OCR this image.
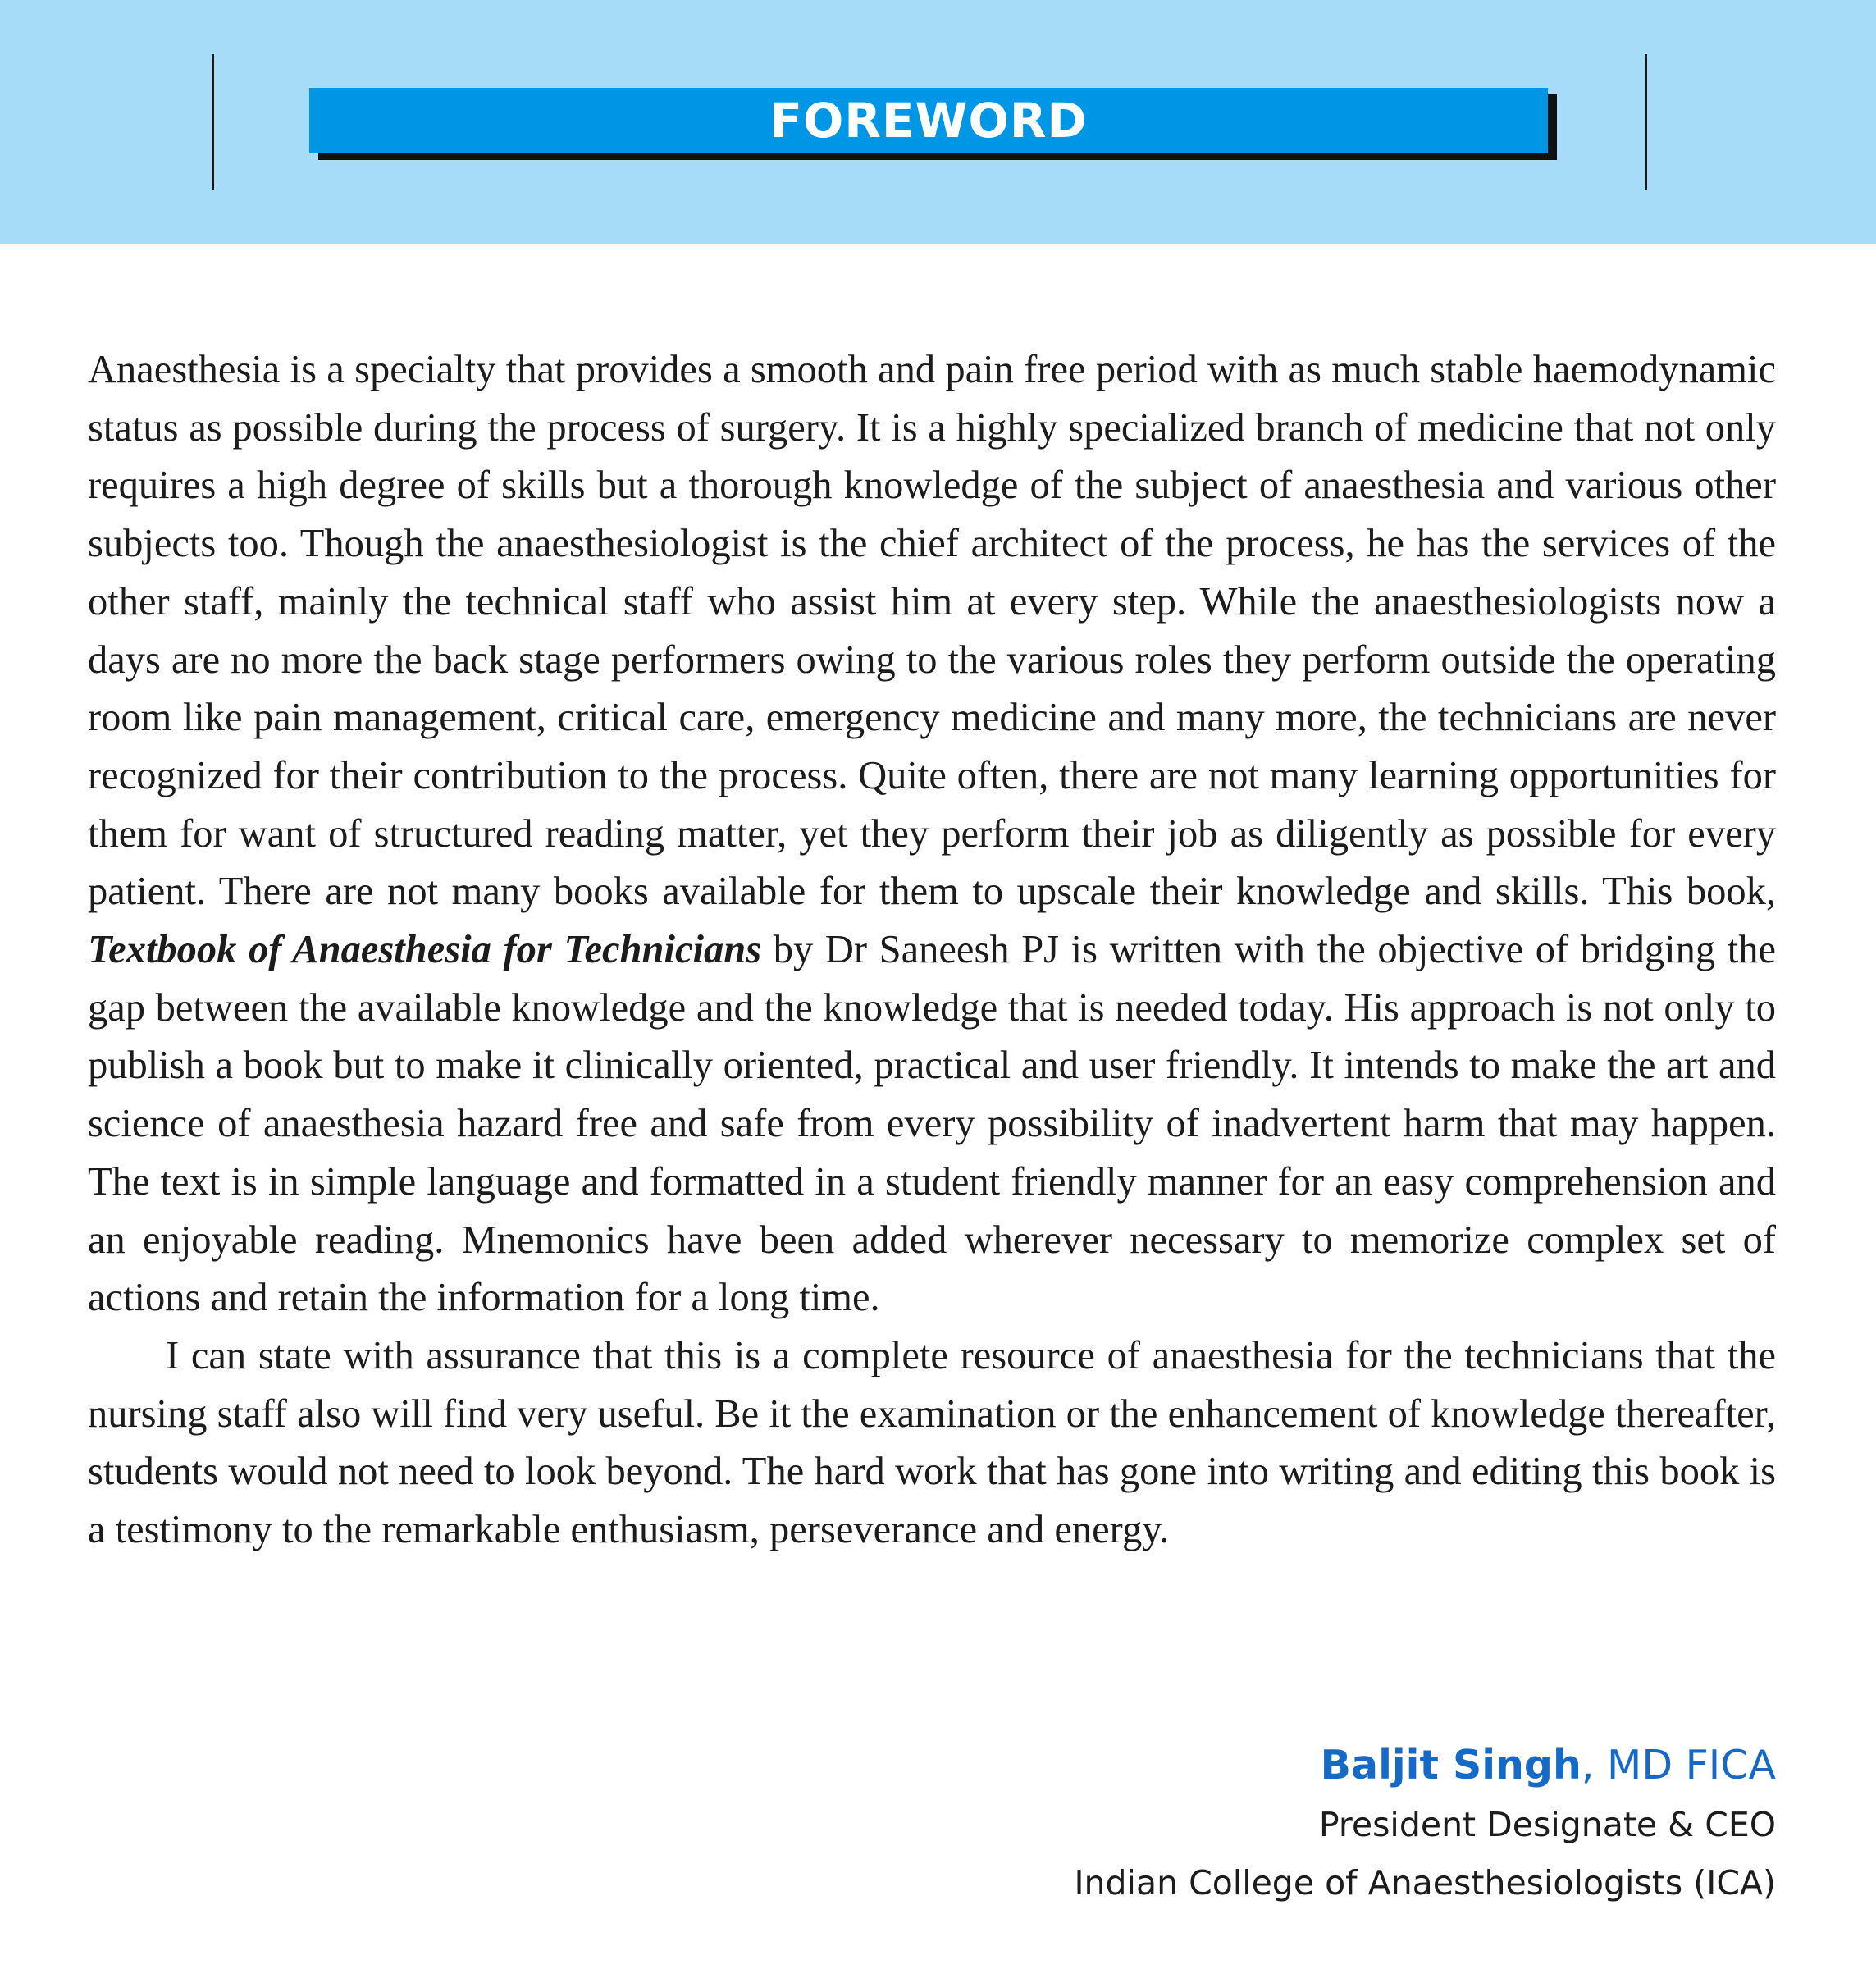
FOREWORD

Anaesthesia is a specialty that provides a smooth and pain free period with as much stable haemodynamic status as possible during the process of surgery. It is a highly specialized branch of medicine that not only requires a high degree of skills but a thorough knowledge of the subject of anaesthesia and various other subjects too. Though the anaesthesiologist is the chief architect of the process, he has the services of the other staff, mainly the technical staff who assist him at every step. While the anaesthesiologists now a days are no more the back stage performers owing to the various roles they perform outside the operating room like pain management, critical care, emergency medicine and many more, the technicians are never recognized for their contribution to the process. Quite often, there are not many learning opportunities for them for want of structured reading matter, yet they perform their job as diligently as possible for every patient. There are not many books available for them to upscale their knowledge and skills. This book, Textbook of Anaesthesia for Technicians by Dr Saneesh PJ is written with the objective of bridging the gap between the available knowledge and the knowledge that is needed today. His approach is not only to publish a book but to make it clinically oriented, practical and user friendly. It intends to make the art and science of anaesthesia hazard free and safe from every possibility of inadvertent harm that may happen. The text is in simple language and formatted in a student friendly manner for an easy comprehension and an enjoyable reading. Mnemonics have been added wherever necessary to memorize complex set of actions and retain the information for a long time.

I can state with assurance that this is a complete resource of anaesthesia for the technicians that the nursing staff also will find very useful. Be it the examination or the enhancement of knowledge thereafter, students would not need to look beyond. The hard work that has gone into writing and editing this book is a testimony to the remarkable enthusiasm, perseverance and energy.

Baljit Singh, MD FICA
President Designate & CEO
Indian College of Anaesthesiologists (ICA)
